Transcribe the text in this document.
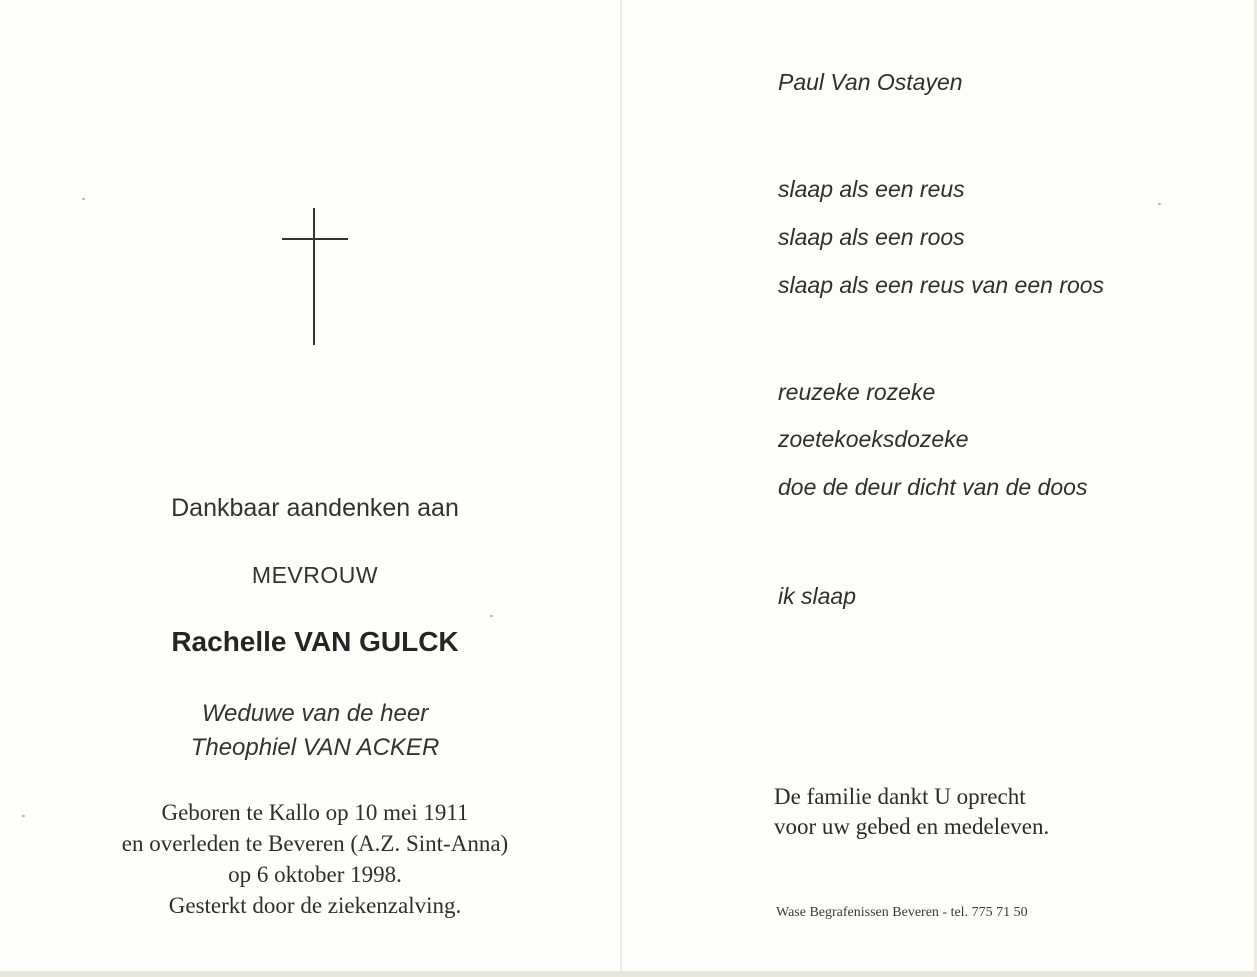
Dankbaar aandenken aan
MEVROUW
Rachelle VAN GULCK
Weduwe van de heer
Theophiel VAN ACKER
Geboren te Kallo op 10 mei 1911
en overleden te Beveren (A.Z. Sint-Anna)
op 6 oktober 1998.
Gesterkt door de ziekenzalving.
Paul Van Ostayen
slaap als een reus
slaap als een roos
slaap als een reus van een roos
reuzeke rozeke
zoetekoeksdozeke
doe de deur dicht van de doos
ik slaap
De familie dankt U oprecht
voor uw gebed en medeleven.
Wase Begrafenissen Beveren - tel. 775 71 50
